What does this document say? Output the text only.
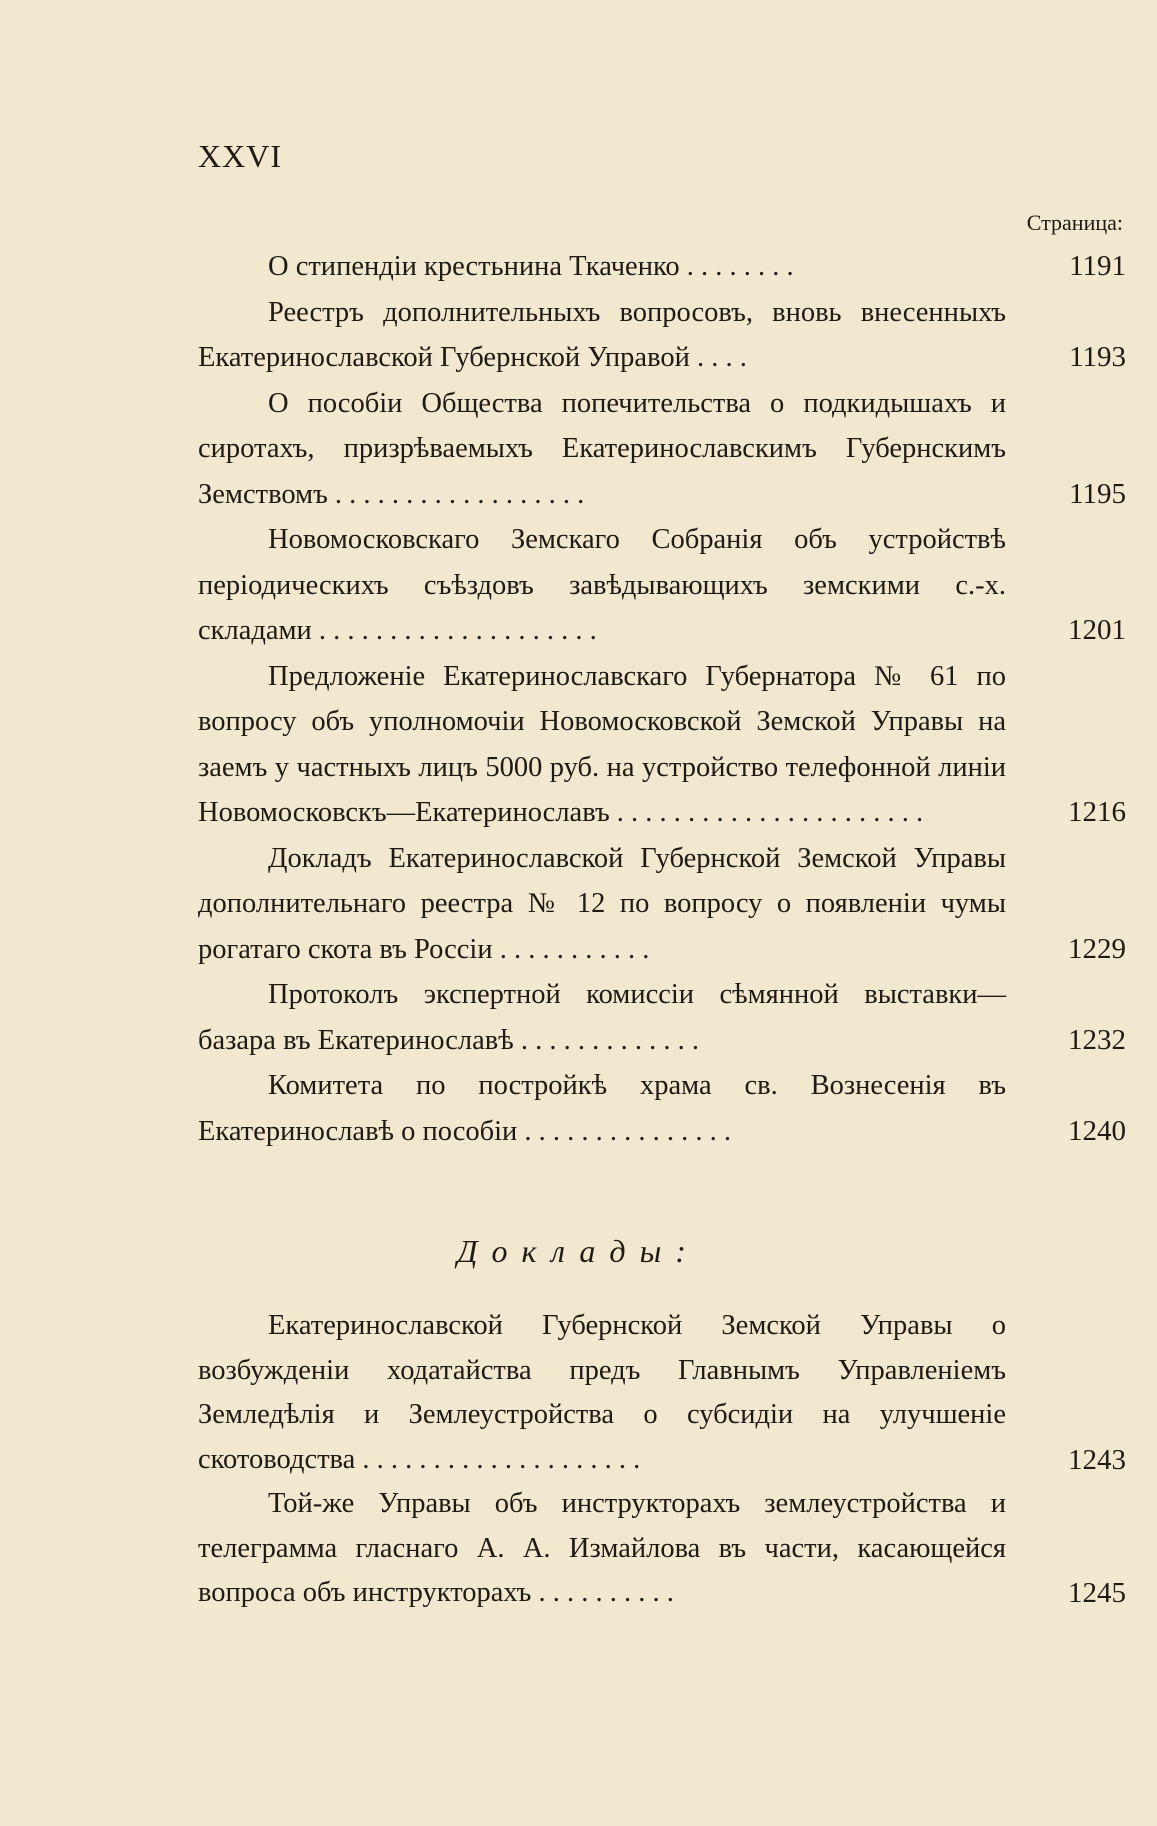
XXVI
Страница:
О стипендiи крестьнина Ткаченко . . . . . . . .	1191
Реестръ дополнительныхъ вопросовъ, вновь внесенныхъ Екатеринославской Губернской Управой . . . .	1193
О пособiи Общества попечительства о подкидышахъ и сиротахъ, призрѣваемыхъ Екатеринославскимъ Губернскимъ Земствомъ . . . . . . . . . . . . . . . . . .	1195
Новомосковскаго Земскаго Собранiя объ устройствѣ перiодическихъ съѣздовъ завѣдывающихъ земскими с.-х. складами . . . . . . . . . . . . . . . . . . . .	1201
Предложенiе Екатеринославскаго Губернатора № 61 по вопросу объ уполномочiи Новомосковской Земской Управы на заемъ у частныхъ лицъ 5000 руб. на устройство телефонной линiи Новомосковскъ—Екатеринославъ . . . . . . . . . . . . . . . . . . . . . .	1216
Докладъ Екатеринославской Губернской Земской Управы дополнительнаго реестра № 12 по вопросу о появленiи чумы рогатаго скота въ Россiи . . . . . . . . . . .	1229
Протоколъ экспертной комиссiи сѣмянной выставки—базара въ Екатеринославѣ . . . . . . . . . . . . .	1232
Комитета по постройкѣ храма св. Вознесенiя въ Екатеринославѣ о пособiи . . . . . . . . . . . . . . .	1240
Доклады:
Екатеринославской Губернской Земской Управы о возбужденiи ходатайства предъ Главнымъ Управленiемъ Земледѣлiя и Землеустройства о субсидiи на улучшенiе скотоводства . . . . . . . . . . . . . . . . . . . .	1243
Той-же Управы объ инструкторахъ землеустройства и телеграмма гласнаго А. А. Измайлова въ части, касающейся вопроса объ инструкторахъ . . . . . . . . . .	1245
